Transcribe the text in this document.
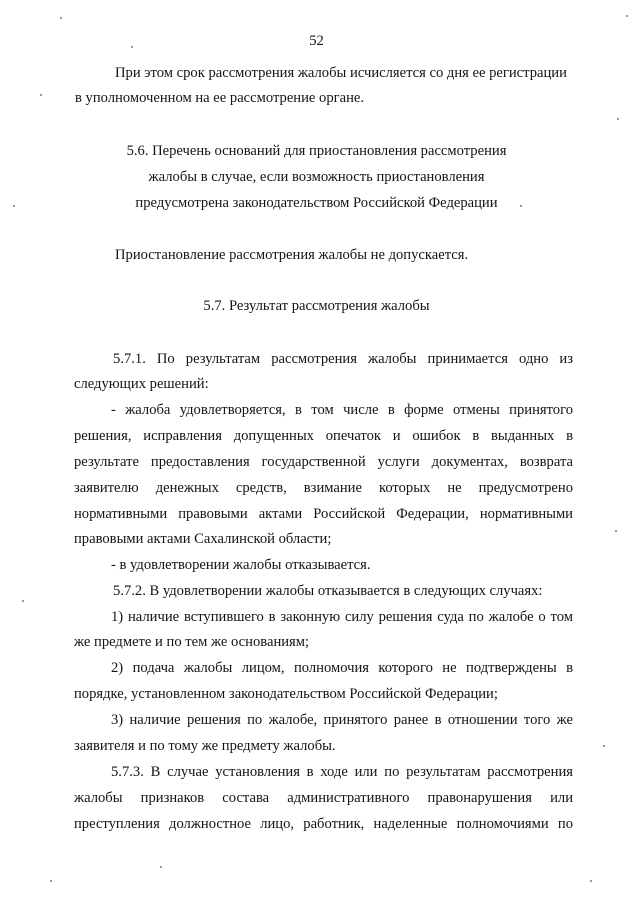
52
При этом срок рассмотрения жалобы исчисляется со дня ее регистрации
в уполномоченном на ее рассмотрение органе.
5.6. Перечень оснований для приостановления рассмотрения
жалобы в случае, если возможность приостановления
предусмотрена законодательством Российской Федерации
Приостановление рассмотрения жалобы не допускается.
5.7. Результат рассмотрения жалобы
5.7.1. По результатам рассмотрения жалобы принимается одно из
следующих решений:
- жалоба удовлетворяется, в том числе в форме отмены принятого
решения, исправления допущенных опечаток и ошибок в выданных в
результате предоставления государственной услуги документах, возврата
заявителю денежных средств, взимание которых не предусмотрено
нормативными правовыми актами Российской Федерации, нормативными
правовыми актами Сахалинской области;
- в удовлетворении жалобы отказывается.
5.7.2. В удовлетворении жалобы отказывается в следующих случаях:
1) наличие вступившего в законную силу решения суда по жалобе о том
же предмете и по тем же основаниям;
2) подача жалобы лицом, полномочия которого не подтверждены в
порядке, установленном законодательством Российской Федерации;
3) наличие решения по жалобе, принятого ранее в отношении того же
заявителя и по тому же предмету жалобы.
5.7.3. В случае установления в ходе или по результатам рассмотрения
жалобы признаков состава административного правонарушения или
преступления должностное лицо, работник, наделенные полномочиями по
